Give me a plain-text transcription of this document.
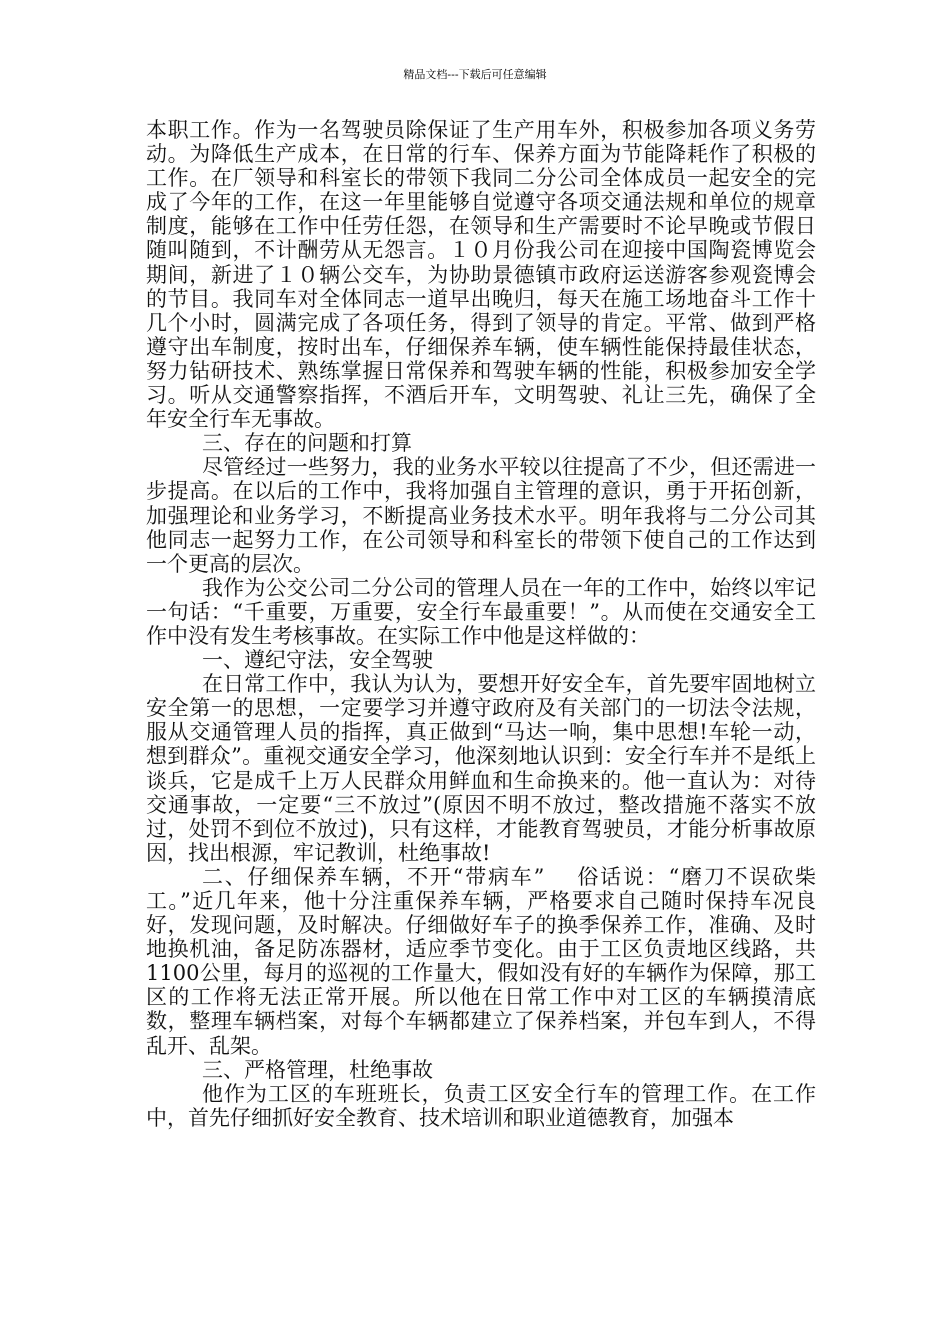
精品文档---下载后可任意编辑

本职工作。作为一名驾驶员除保证了生产用车外，积极参加各项义务劳动。为降低生产成本，在日常的行车、保养方面为节能降耗作了积极的工作。在厂领导和科室长的带领下我同二分公司全体成员一起安全的完成了今年的工作，在这一年里能够自觉遵守各项交通法规和单位的规章制度，能够在工作中任劳任怨，在领导和生产需要时不论早晚或节假日随叫随到，不计酬劳从无怨言。１０月份我公司在迎接中国陶瓷博览会期间，新进了１０辆公交车，为协助景德镇市政府运送游客参观瓷博会的节目。我同车对全体同志一道早出晚归，每天在施工场地奋斗工作十几个小时，圆满完成了各项任务，得到了领导的肯定。平常、做到严格遵守出车制度，按时出车，仔细保养车辆，使车辆性能保持最佳状态，努力钻研技术、熟练掌握日常保养和驾驶车辆的性能，积极参加安全学习。听从交通警察指挥，不酒后开车，文明驾驶、礼让三先，确保了全年安全行车无事故。

三、存在的问题和打算

尽管经过一些努力，我的业务水平较以往提高了不少，但还需进一步提高。在以后的工作中，我将加强自主管理的意识，勇于开拓创新，加强理论和业务学习，不断提高业务技术水平。明年我将与二分公司其他同志一起努力工作，在公司领导和科室长的带领下使自己的工作达到一个更高的层次。

我作为公交公司二分公司的管理人员在一年的工作中，始终以牢记一句话：“千重要，万重要，安全行车最重要！”。从而使在交通安全工作中没有发生考核事故。在实际工作中他是这样做的：

一、遵纪守法，安全驾驶

在日常工作中，我认为认为，要想开好安全车，首先要牢固地树立安全第一的思想，一定要学习并遵守政府及有关部门的一切法令法规，服从交通管理人员的指挥，真正做到“马达一响，集中思想!车轮一动，想到群众”。重视交通安全学习，他深刻地认识到：安全行车并不是纸上谈兵，它是成千上万人民群众用鲜血和生命换来的。他一直认为：对待交通事故，一定要“三不放过”(原因不明不放过，整改措施不落实不放过，处罚不到位不放过)，只有这样，才能教育驾驶员，才能分析事故原因，找出根源，牢记教训，杜绝事故!

二、仔细保养车辆，不开“带病车”　 俗话说：“磨刀不误砍柴工。”近几年来，他十分注重保养车辆，严格要求自己随时保持车况良好，发现问题，及时解决。仔细做好车子的换季保养工作，准确、及时地换机油，备足防冻器材，适应季节变化。由于工区负责地区线路，共1100公里，每月的巡视的工作量大，假如没有好的车辆作为保障，那工区的工作将无法正常开展。所以他在日常工作中对工区的车辆摸清底数，整理车辆档案，对每个车辆都建立了保养档案，并包车到人，不得乱开、乱架。

三、严格管理，杜绝事故

他作为工区的车班班长，负责工区安全行车的管理工作。在工作中，首先仔细抓好安全教育、技术培训和职业道德教育，加强本
